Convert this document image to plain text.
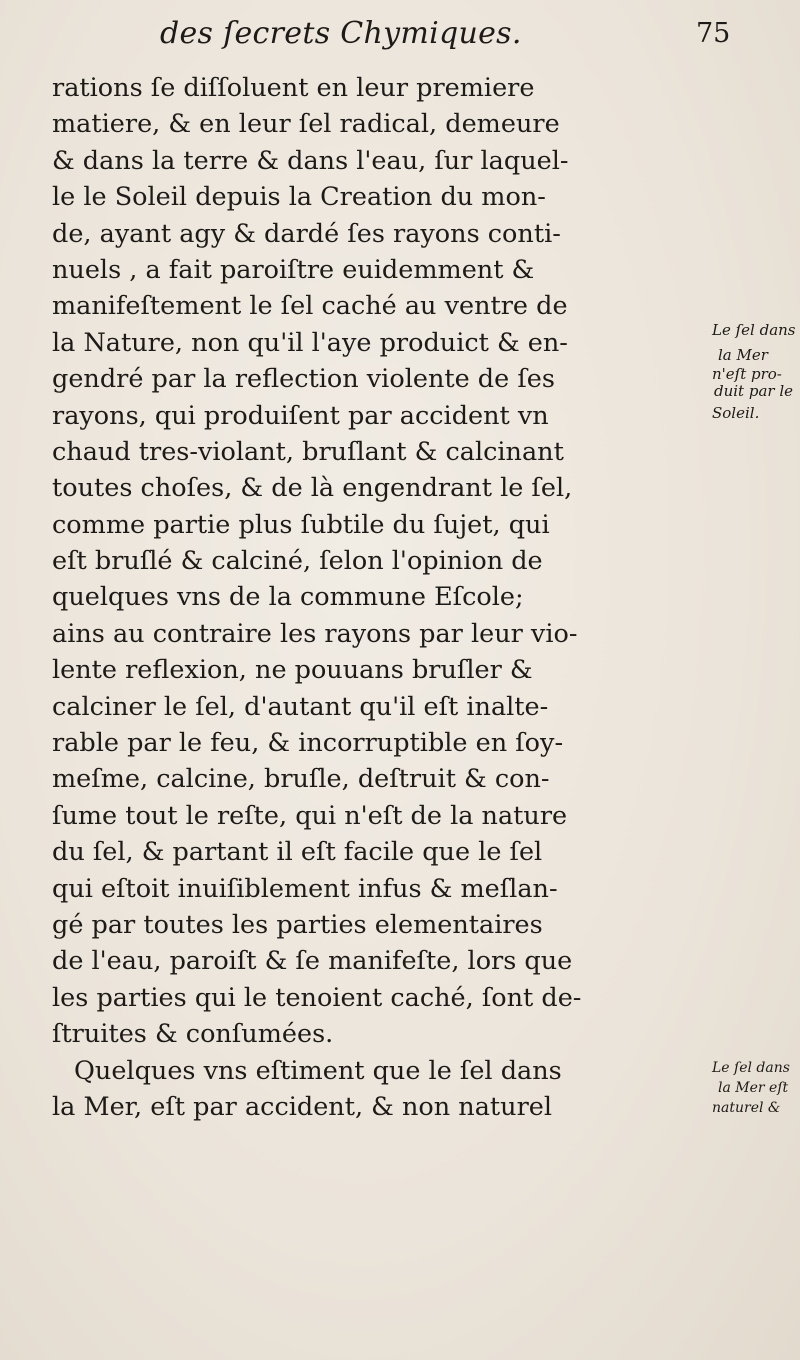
des ſecrets Chymiques.	75
rations ſe diſſoluent en leur premiere
matiere, & en leur ſel radical, demeure
& dans la terre & dans l'eau, ſur laquel-
le le Soleil depuis la Creation du mon-
de, ayant agy & dardé ſes rayons conti-
nuels , a fait paroiſtre euidemment &
manifeſtement le ſel caché au ventre de
la Nature, non qu'il l'aye produict & en-
gendré par la reflection violente de ſes
rayons, qui produiſent par accident vn
chaud tres-violant, bruſlant & calcinant
toutes choſes, & de là engendrant le ſel,
comme partie plus ſubtile du ſujet, qui
eſt bruſlé & calciné, ſelon l'opinion de
quelques vns de la commune Eſcole;
ains au contraire les rayons par leur vio-
lente reflexion, ne pouuans bruſler &
calciner le ſel, d'autant qu'il eſt inalte-
rable par le feu, & incorruptible en ſoy-
meſme, calcine, bruſle, deſtruit & con-
ſume tout le reſte, qui n'eſt de la nature
du ſel, & partant il eſt facile que le ſel
qui eſtoit inuiſiblement infus & meſlan-
gé par toutes les parties elementaires
de l'eau, paroiſt & ſe manifeſte, lors que
les parties qui le tenoient caché, ſont de-
ſtruites & conſumées.
Quelques vns eſtiment que le ſel dans
la Mer, eſt par accident, & non naturel
Le ſel dans
la Mer
n'eſt pro-
duit par le
Soleil.
Le ſel dans
la Mer eſt
naturel &
